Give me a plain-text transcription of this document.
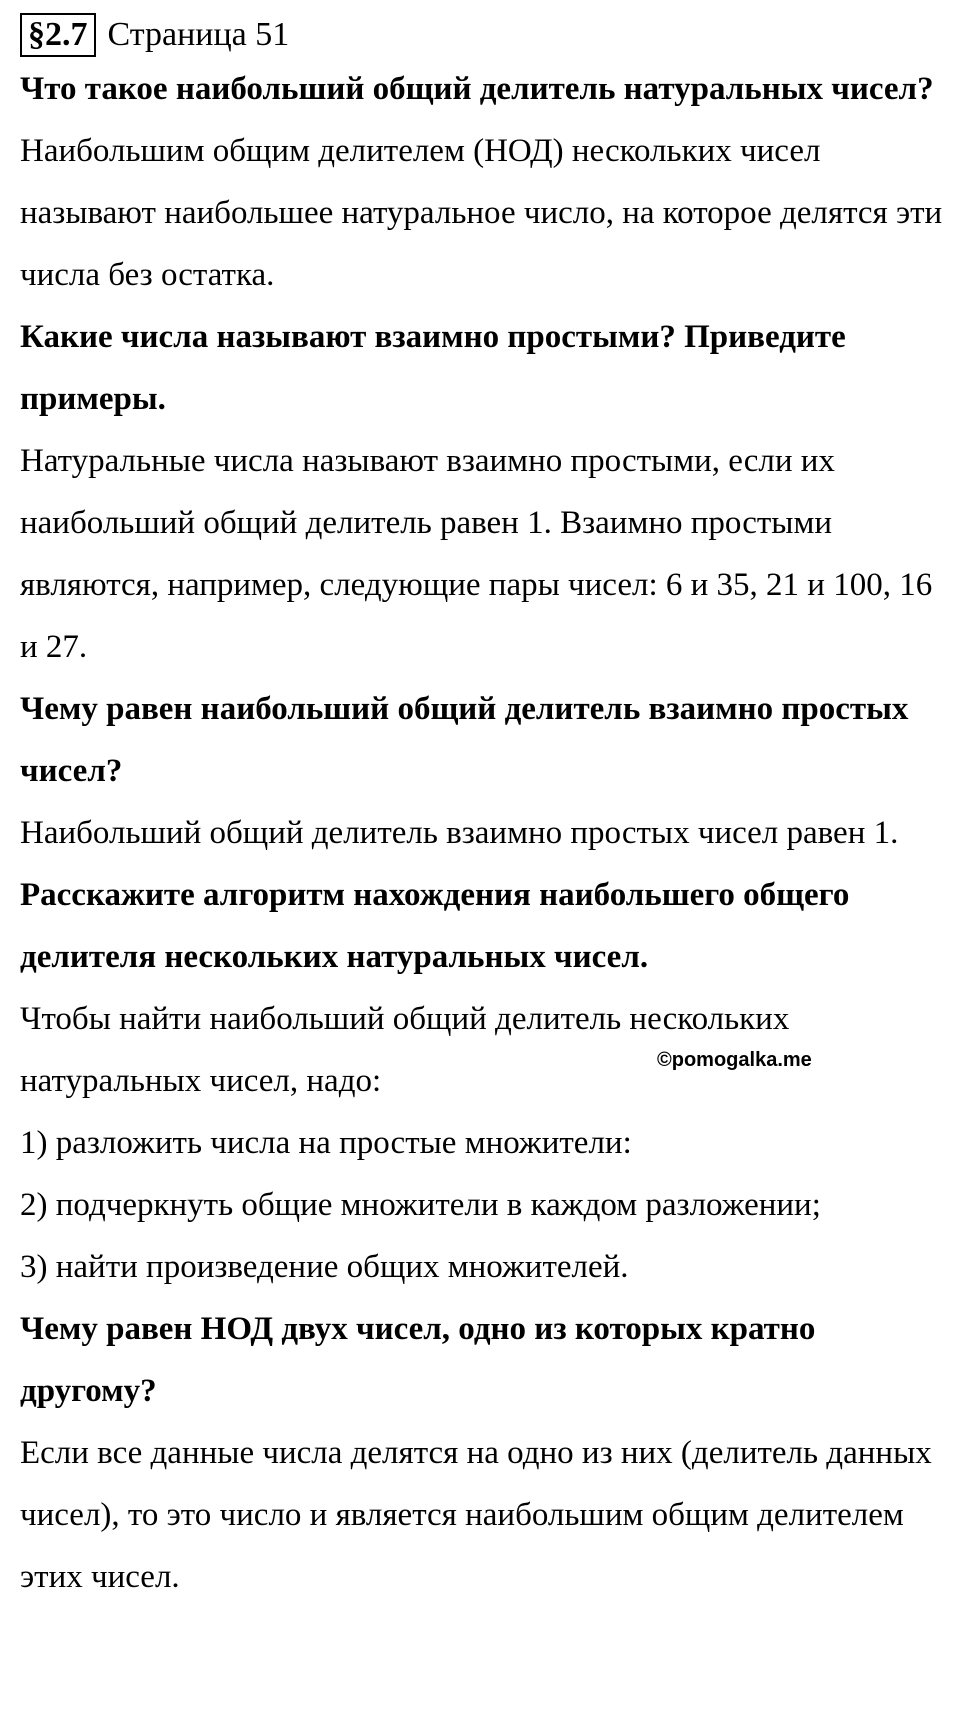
§2.7 Страница 51

Что такое наибольший общий делитель натуральных чисел?

Наибольшим общим делителем (НОД) нескольких чисел называют наибольшее натуральное число, на которое делятся эти числа без остатка.

Какие числа называют взаимно простыми? Приведите примеры.

Натуральные числа называют взаимно простыми, если их наибольший общий делитель равен 1. Взаимно простыми являются, например, следующие пары чисел: 6 и 35, 21 и 100, 16 и 27.

Чему равен наибольший общий делитель взаимно простых чисел?

Наибольший общий делитель взаимно простых чисел равен 1.

Расскажите алгоритм нахождения наибольшего общего делителя нескольких натуральных чисел.

Чтобы найти наибольший общий делитель нескольких натуральных чисел, надо:

1) разложить числа на простые множители:

2) подчеркнуть общие множители в каждом разложении;

3) найти произведение общих множителей.

Чему равен НОД двух чисел, одно из которых кратно другому?

Если все данные числа делятся на одно из них (делитель данных чисел), то это число и является наибольшим общим делителем этих чисел.

©pomogalka.me
